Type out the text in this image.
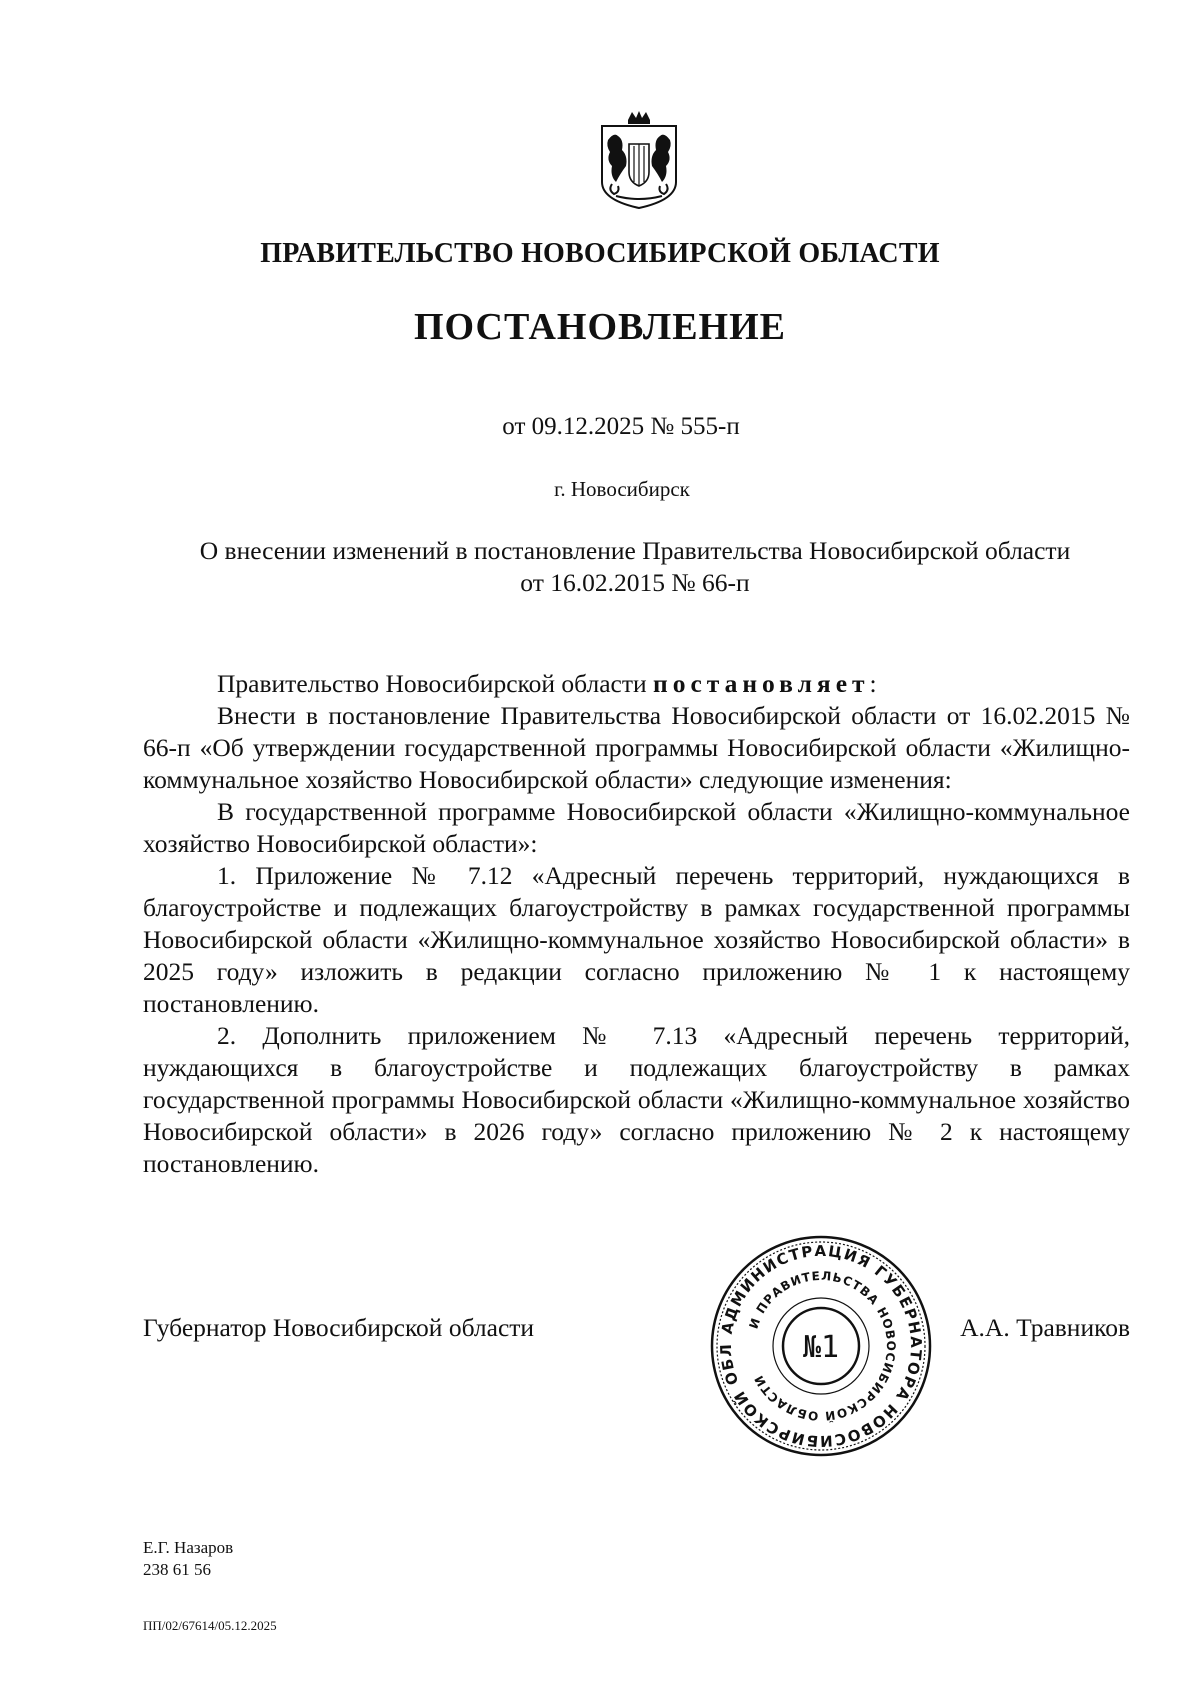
ПРАВИТЕЛЬСТВО НОВОСИБИРСКОЙ ОБЛАСТИ
ПОСТАНОВЛЕНИЕ
от 09.12.2025 № 555-п
г. Новосибирск
О внесении изменений в постановление Правительства Новосибирской области
от 16.02.2015 № 66-п

Правительство Новосибирской области постановляет:

Внести в постановление Правительства Новосибирской области от 16.02.2015 № 66-п «Об утверждении государственной программы Новосибирской области «Жилищно-коммунальное хозяйство Новосибирской области» следующие изменения:

В государственной программе Новосибирской области «Жилищно-коммунальное хозяйство Новосибирской области»:

1. Приложение № 7.12 «Адресный перечень территорий, нуждающихся в благоустройстве и подлежащих благоустройству в рамках государственной программы Новосибирской области «Жилищно-коммунальное хозяйство Новосибирской области» в 2025 году» изложить в редакции согласно приложению № 1 к настоящему постановлению.

2. Дополнить приложением № 7.13 «Адресный перечень территорий, нуждающихся в благоустройстве и подлежащих благоустройству в рамках государственной программы Новосибирской области «Жилищно-коммунальное хозяйство Новосибирской области» в 2026 году» согласно приложению № 2 к настоящему постановлению.

Губернатор Новосибирской области	АДМИНИСТРАЦИЯ ГУБЕРНАТОРА НОВОСИБИРСКОЙ ОБЛ
И ПРАВИТЕЛЬСТВА НОВОСИБИРСКОЙ ОБЛАСТИ
№1
А.А. Травников
Е.Г. Назаров
238 61 56
ПП/02/67614/05.12.2025
